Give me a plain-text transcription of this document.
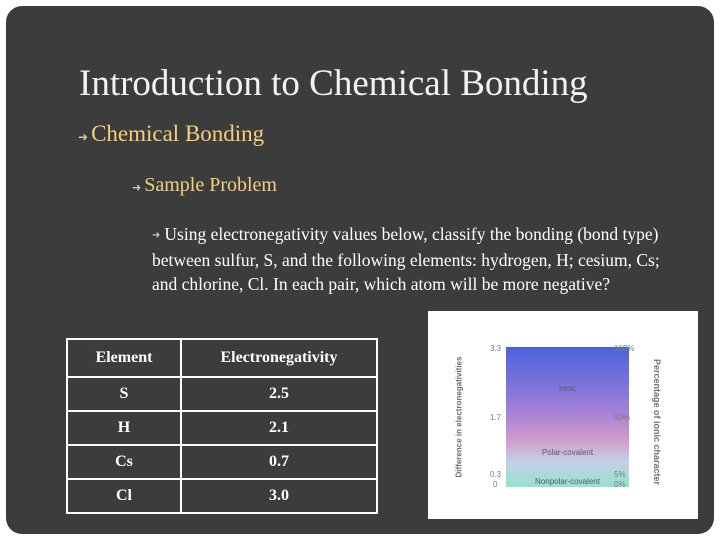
Introduction to Chemical Bonding
➜ Chemical Bonding
➜ Sample Problem
➜ Using electronegativity values below, classify the bonding (bond type) between sulfur, S, and the following elements: hydrogen, H; cesium, Cs; and chlorine, Cl. In each pair, which atom will be more negative?
Element	Electronegativity
S	2.5
H	2.1
Cs	0.7
Cl	3.0
Difference in electronegativities	Percentage of ionic character
3.3
1.7
0.3
0
100%
50%
5%
0%
Ionic
Polar-covalent
Nonpolar-covalent
